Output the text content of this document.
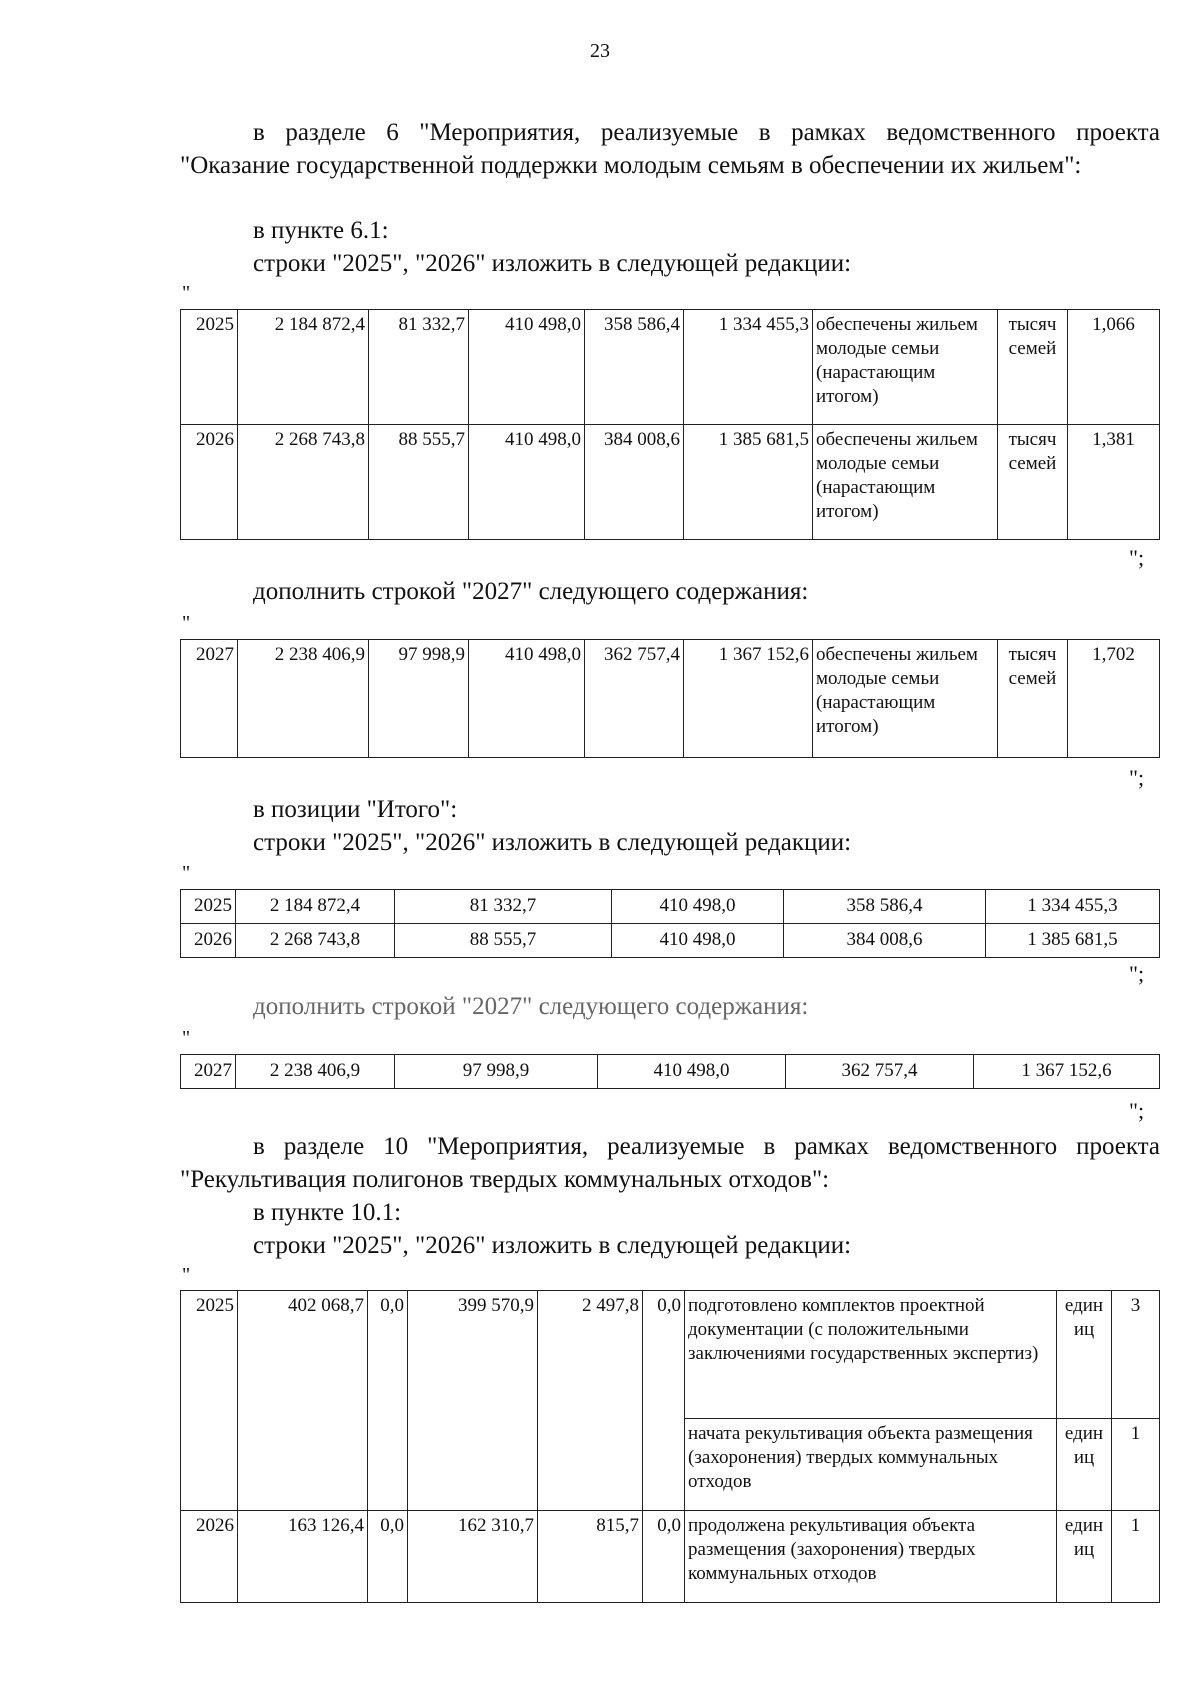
23
в разделе 6 "Мероприятия, реализуемые в рамках ведомственного проекта "Оказание государственной поддержки молодым семьям в обеспечении их жильем":
в пункте 6.1:
строки "2025", "2026" изложить в следующей редакции:
"
2025	2 184 872,4	81 332,7	410 498,0	358 586,4	1 334 455,3	обеспечены жильем молодые семьи (нарастающим итогом)	тысяч семей	1,066
2026	2 268 743,8	88 555,7	410 498,0	384 008,6	1 385 681,5	обеспечены жильем молодые семьи (нарастающим итогом)	тысяч семей	1,381
";
дополнить строкой "2027" следующего содержания:
"
2027	2 238 406,9	97 998,9	410 498,0	362 757,4	1 367 152,6	обеспечены жильем молодые семьи (нарастающим итогом)	тысяч семей	1,702
";
в позиции "Итого":
строки "2025", "2026" изложить в следующей редакции:
"
2025	2 184 872,4	81 332,7	410 498,0	358 586,4	1 334 455,3
2026	2 268 743,8	88 555,7	410 498,0	384 008,6	1 385 681,5
";
дополнить строкой "2027" следующего содержания:
"
2027	2 238 406,9	97 998,9	410 498,0	362 757,4	1 367 152,6
";
в разделе 10 "Мероприятия, реализуемые в рамках ведомственного проекта "Рекультивация полигонов твердых коммунальных отходов":
в пункте 10.1:
строки "2025", "2026" изложить в следующей редакции:
"
2025	402 068,7	0,0	399 570,9	2 497,8	0,0	подготовлено комплектов проектной документации (с положительными заключениями государственных экспертиз)	единиц	3
						начата рекультивация объекта размещения (захоронения) твердых коммунальных отходов	единиц	1
2026	163 126,4	0,0	162 310,7	815,7	0,0	продолжена рекультивация объекта размещения (захоронения) твердых коммунальных отходов	единиц	1
